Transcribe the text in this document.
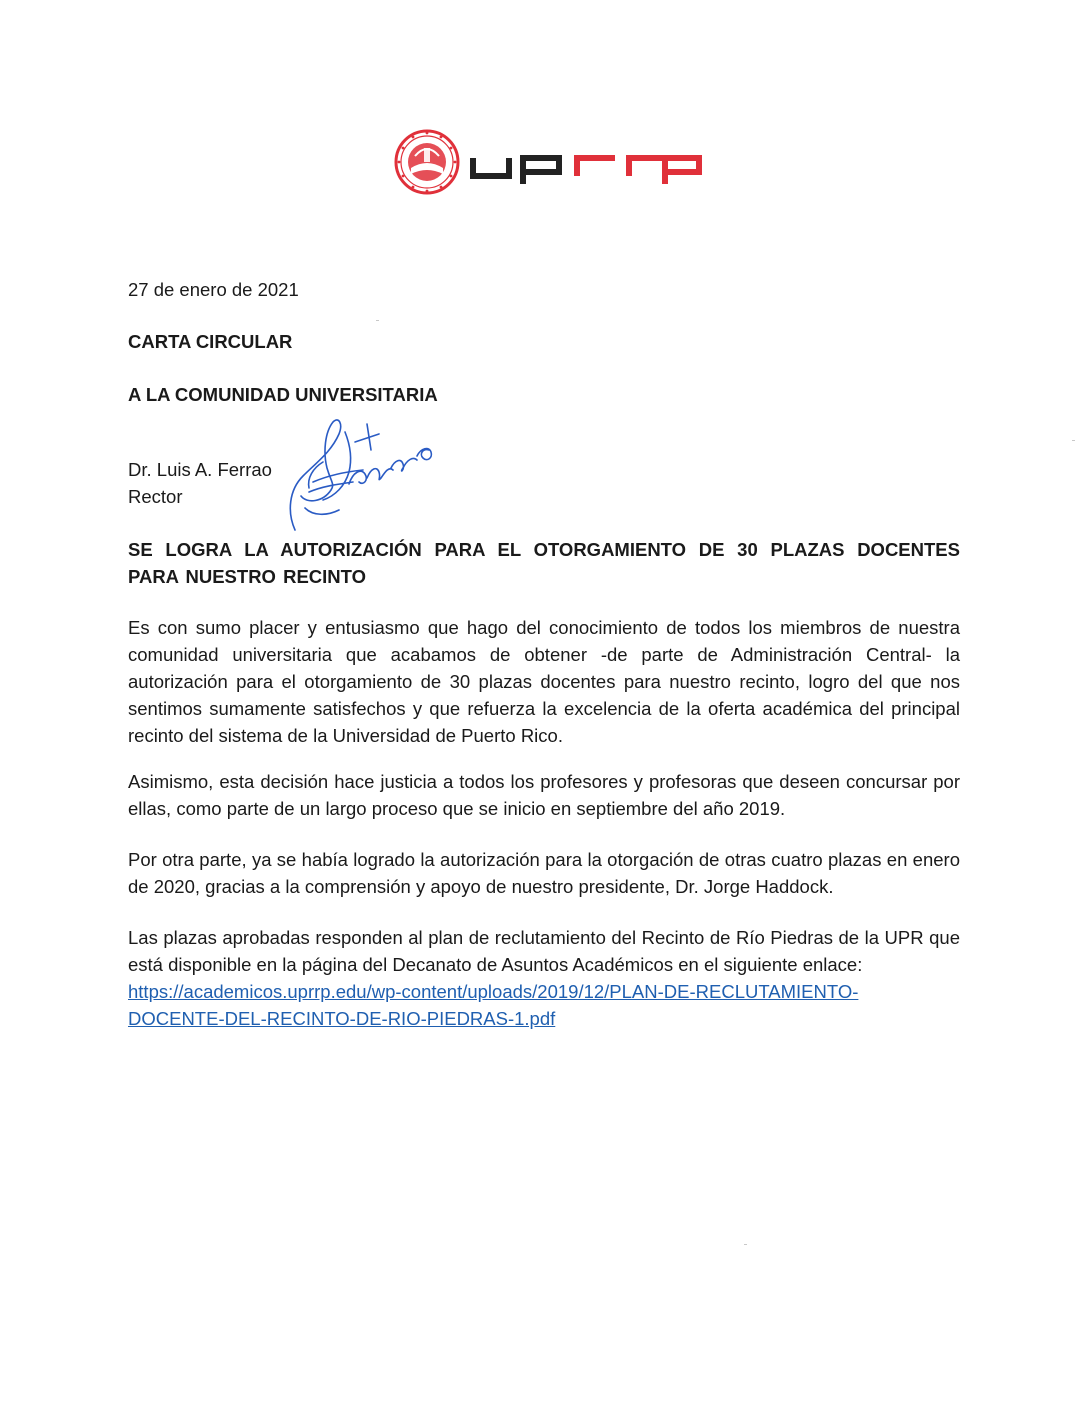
27 de enero de 2021
CARTA CIRCULAR
A LA COMUNIDAD UNIVERSITARIA
Dr. Luis A. Ferrao
Rector
SE LOGRA LA AUTORIZACIÓN PARA EL OTORGAMIENTO DE 30 PLAZAS DOCENTES PARA NUESTRO RECINTO
Es con sumo placer y entusiasmo que hago del conocimiento de todos los miembros de nuestra comunidad universitaria que acabamos de obtener -de parte de Administración Central- la autorización para el otorgamiento de 30 plazas docentes para nuestro recinto, logro del que nos sentimos sumamente satisfechos y que refuerza la excelencia de la oferta académica del principal recinto del sistema de la Universidad de Puerto Rico.
Asimismo, esta decisión hace justicia a todos los profesores y profesoras que deseen concursar por ellas, como parte de un largo proceso que se inicio en septiembre del año 2019.
Por otra parte, ya se había logrado la autorización para la otorgación de otras cuatro plazas en enero de 2020, gracias a la comprensión y apoyo de nuestro presidente, Dr. Jorge Haddock.
Las plazas aprobadas responden al plan de reclutamiento del Recinto de Río Piedras de la UPR que está disponible en la página del Decanato de Asuntos Académicos en el siguiente enlace:
https://academicos.uprrp.edu/wp-content/uploads/2019/12/PLAN-DE-RECLUTAMIENTO-
DOCENTE-DEL-RECINTO-DE-RIO-PIEDRAS-1.pdf
